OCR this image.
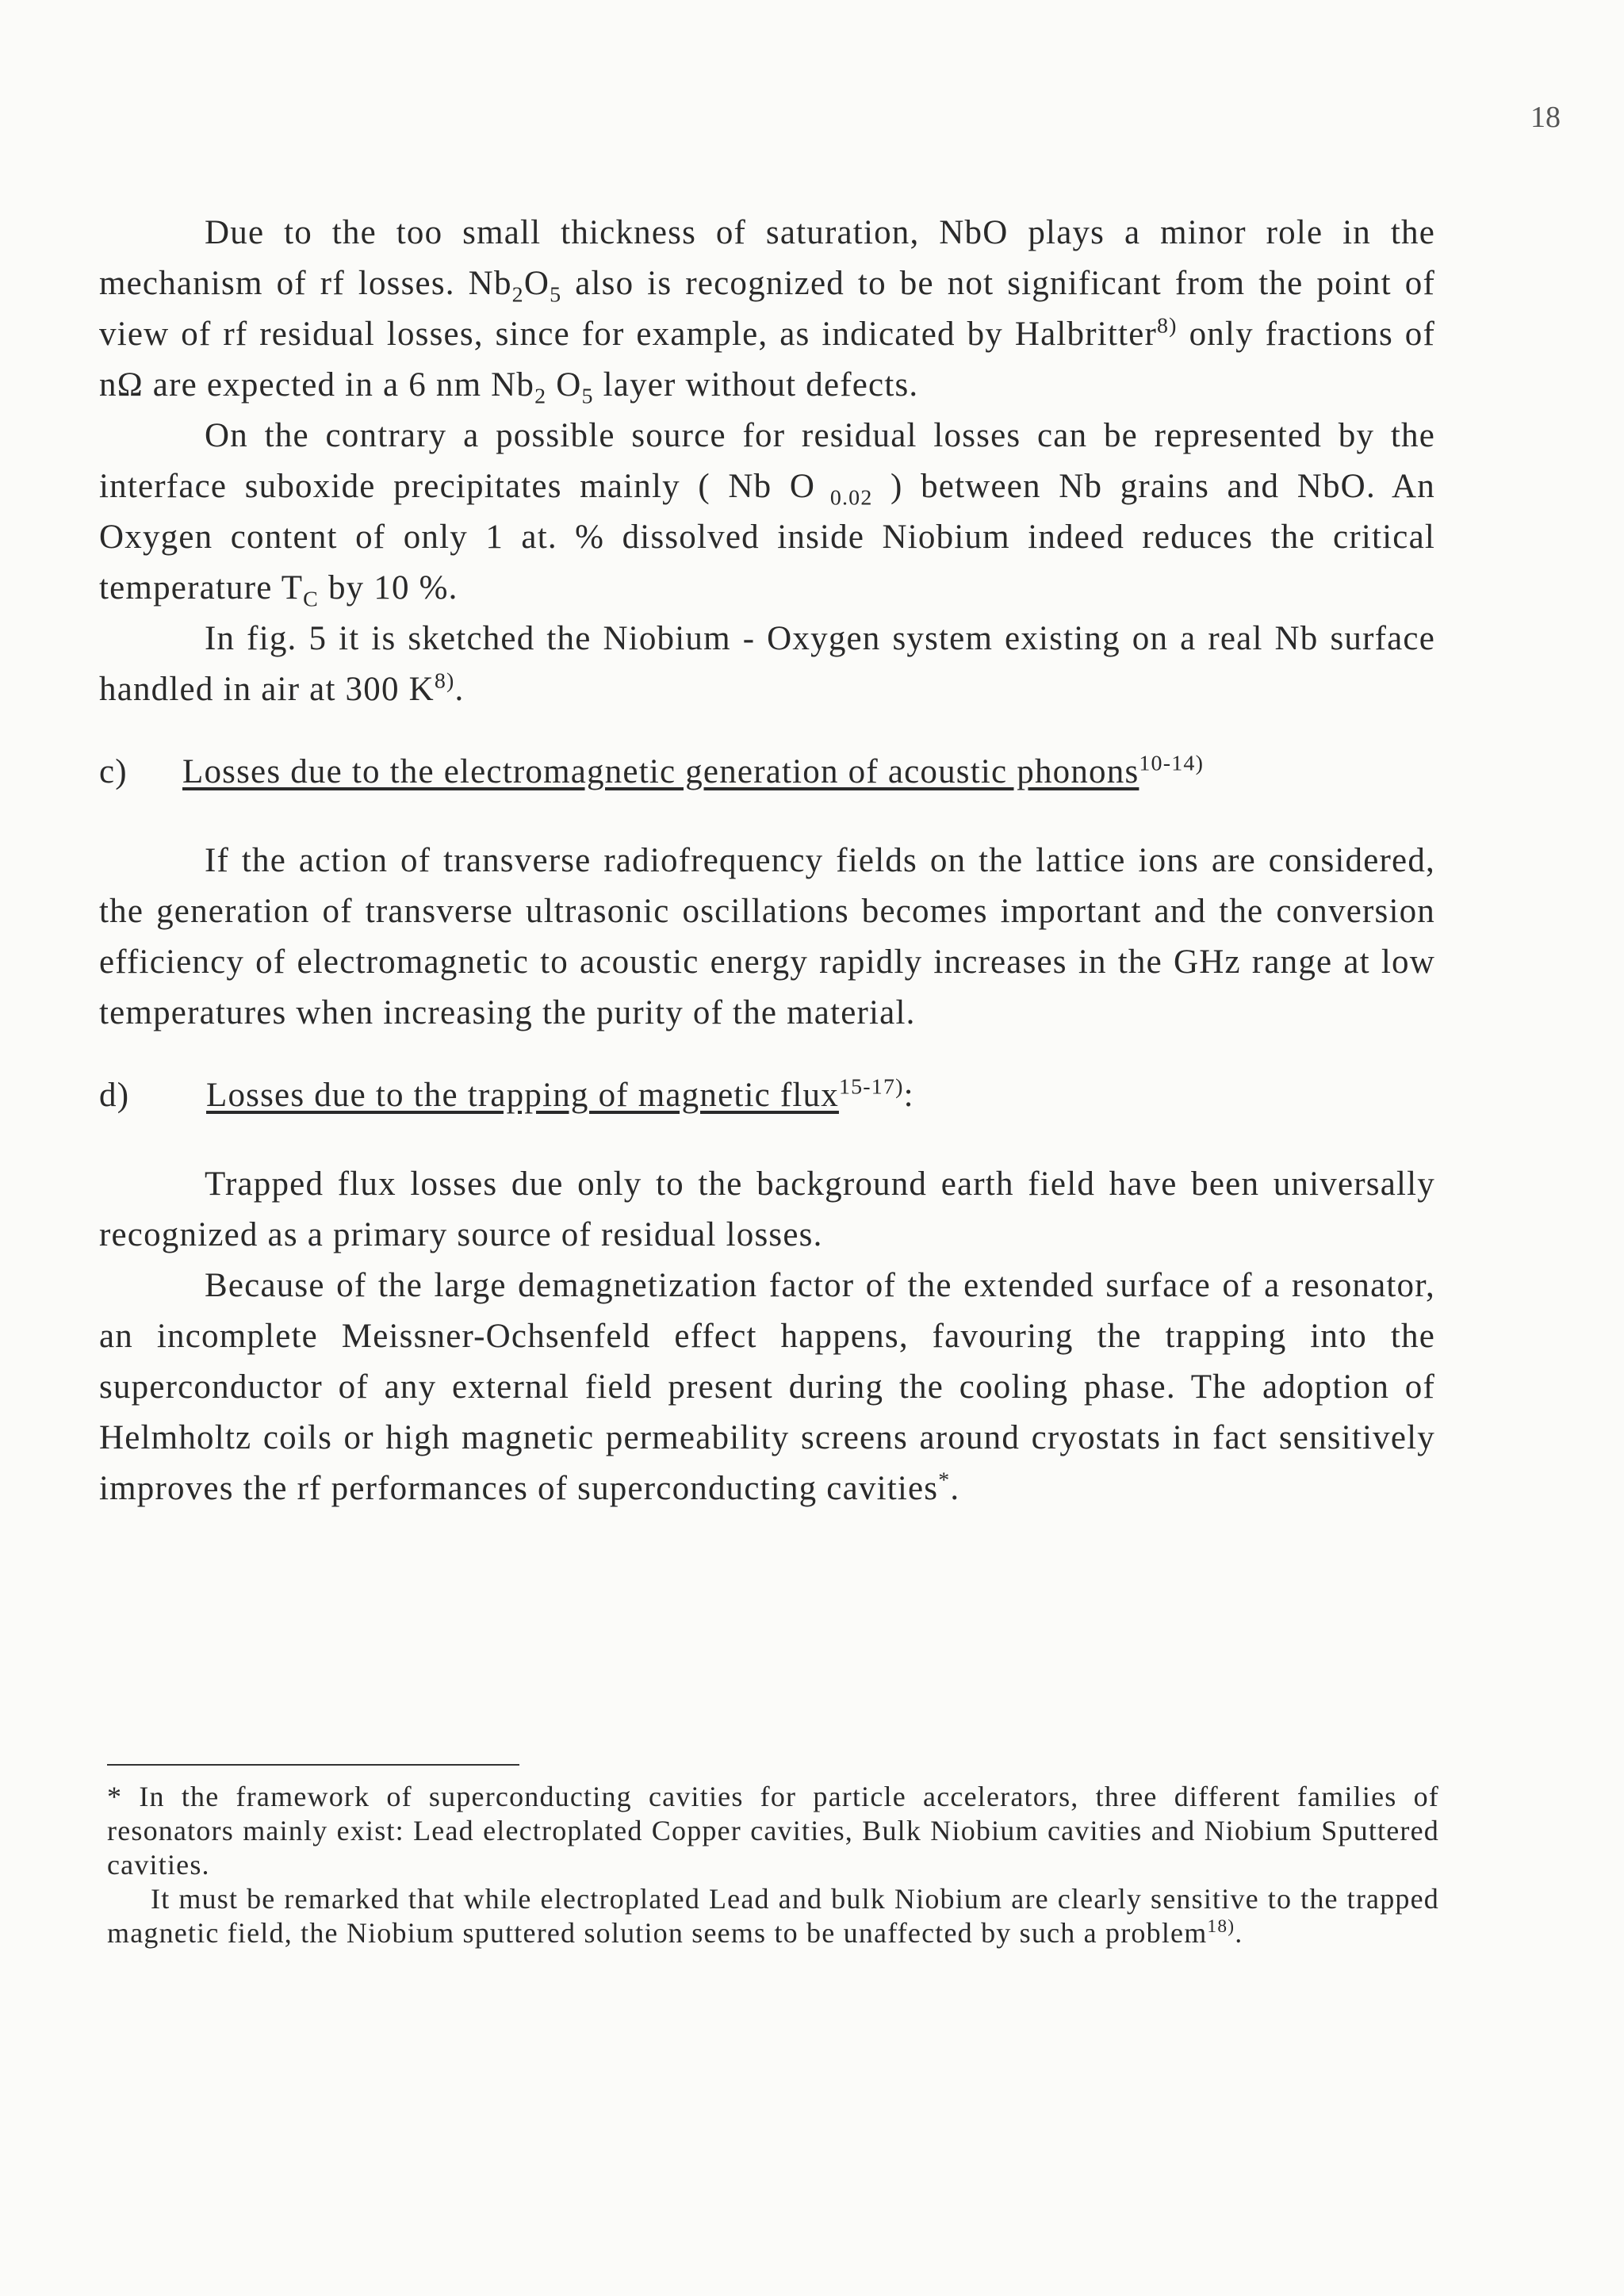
18

Due to the too small thickness of saturation, NbO plays a minor role in the mechanism of rf losses. $Nb_2O_5$ also is recognized to be not significant from the point of view of rf residual losses, since for example, as indicated by Halbritter$^{8)}$ only fractions of nΩ are expected in a 6 nm $Nb_2$ $O_5$ layer without defects.

On the contrary a possible source for residual losses can be represented by the interface suboxide precipitates mainly ( Nb O $_{0.02}$ ) between Nb grains and NbO. An Oxygen content of only 1 at. % dissolved inside Niobium indeed reduces the critical temperature $T_C$ by 10 %.

In fig. 5 it is sketched the Niobium - Oxygen system existing on a real Nb surface handled in air at 300 $K^{8)}$.

c)	Losses due to the electromagnetic generation of acoustic phonons$^{10-14)}$

If the action of transverse radiofrequency fields on the lattice ions are considered, the generation of transverse ultrasonic oscillations becomes important and the conversion efficiency of electromagnetic to acoustic energy rapidly increases in the GHz range at low temperatures when increasing the purity of the material.

d)	Losses due to the trapping of magnetic flux$^{15-17)}$:

Trapped flux losses due only to the background earth field have been universally recognized as a primary source of residual losses.

Because of the large demagnetization factor of the extended surface of a resonator, an incomplete Meissner-Ochsenfeld effect happens, favouring the trapping into the superconductor of any external field present during the cooling phase. The adoption of Helmholtz coils or high magnetic permeability screens around cryostats in fact sensitively improves the rf performances of superconducting cavities*.

* In the framework of superconducting cavities for particle accelerators, three different families of resonators mainly exist: Lead electroplated Copper cavities, Bulk Niobium cavities and Niobium Sputtered cavities.

It must be remarked that while electroplated Lead and bulk Niobium are clearly sensitive to the trapped magnetic field, the Niobium sputtered solution seems to be unaffected by such a problem$^{18)}$.
